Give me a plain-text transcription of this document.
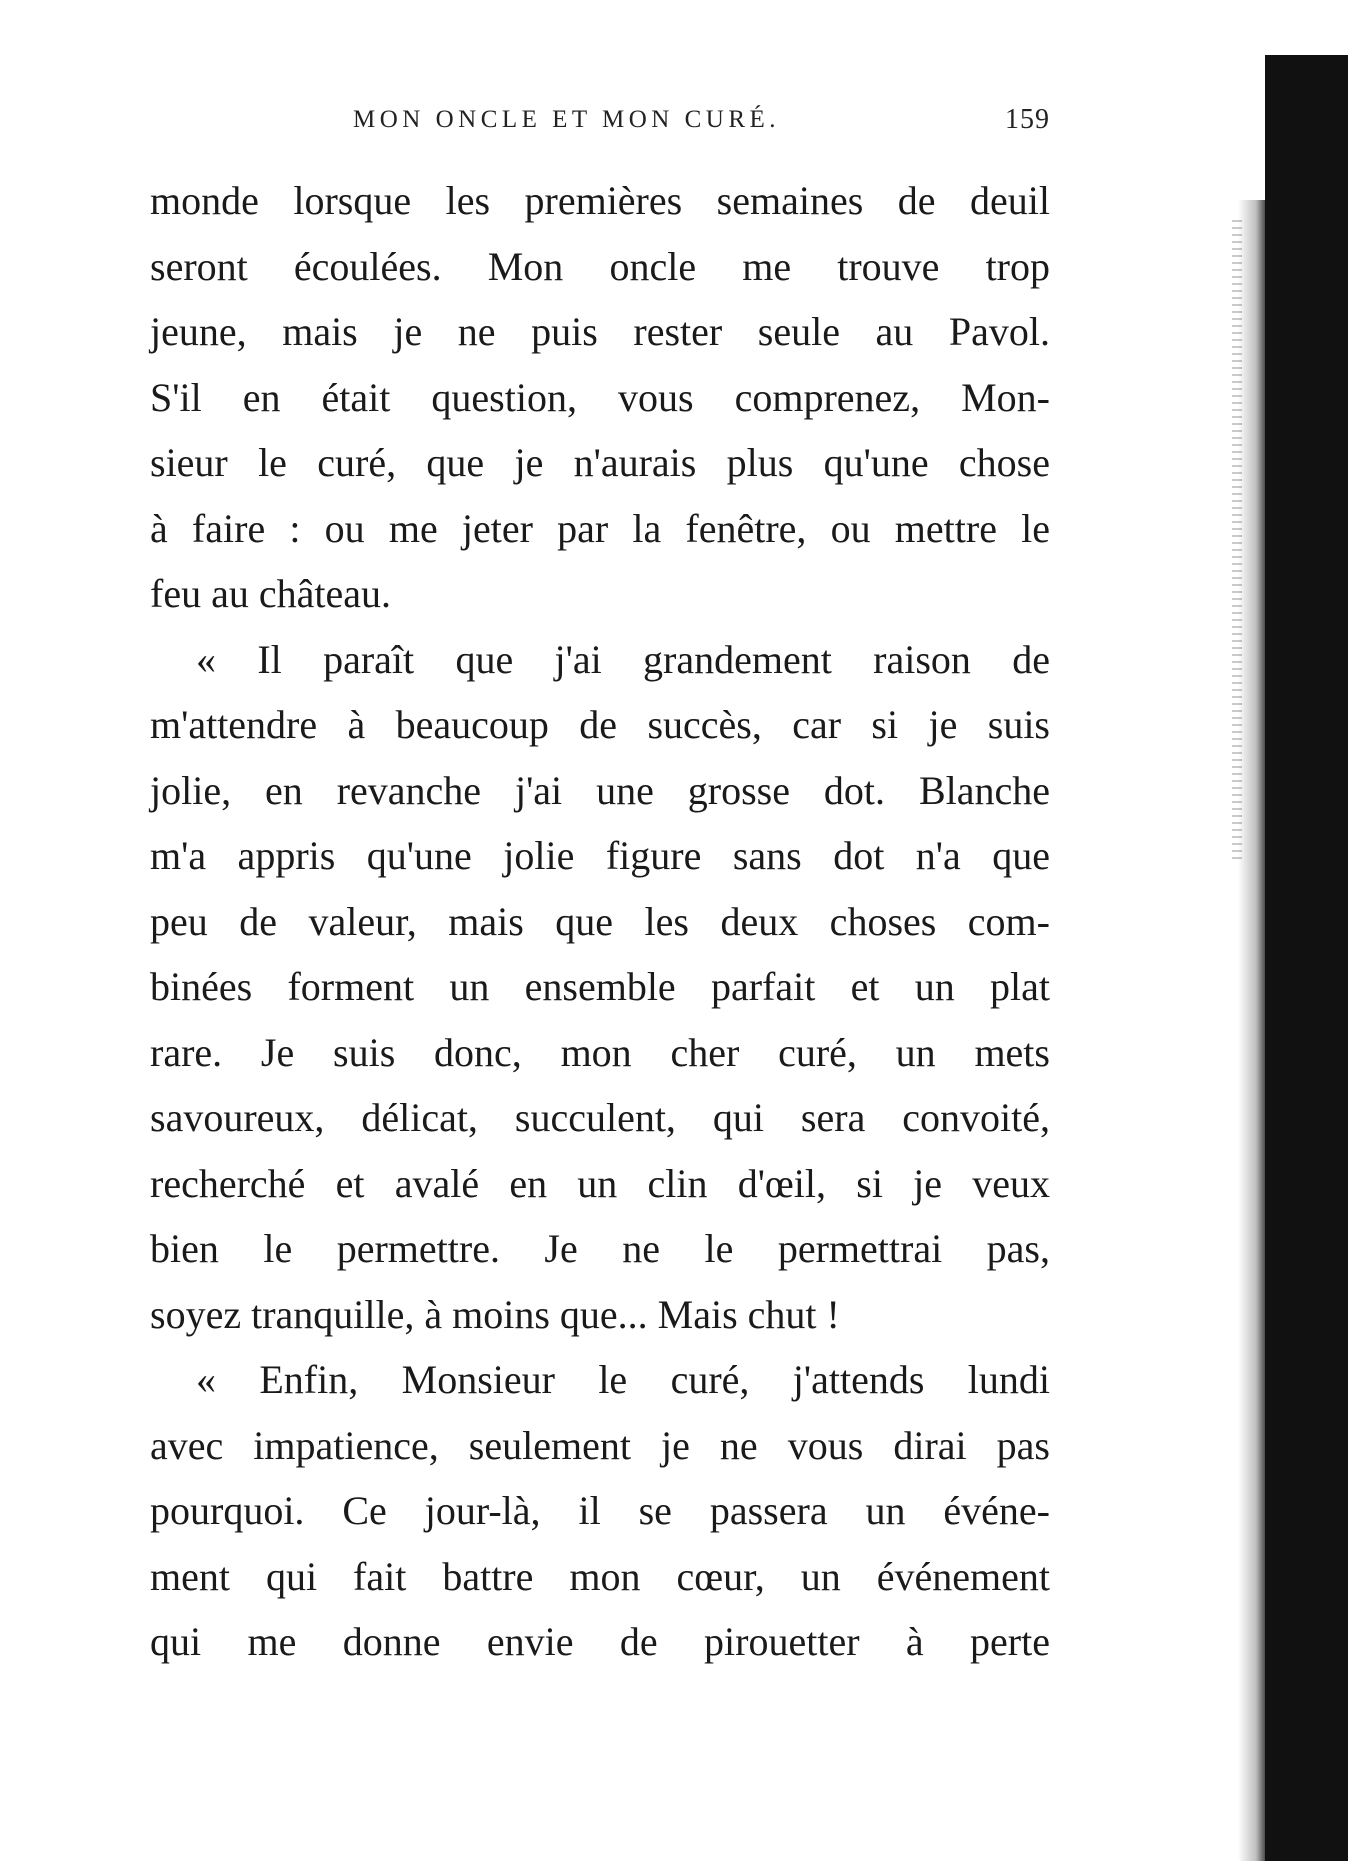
MON ONCLE ET MON CURÉ.	159
monde lorsque les premières semaines de deuil
seront écoulées. Mon oncle me trouve trop
jeune, mais je ne puis rester seule au Pavol.
S'il en était question, vous comprenez, Mon-
sieur le curé, que je n'aurais plus qu'une chose
à faire : ou me jeter par la fenêtre, ou mettre le
feu au château.
« Il paraît que j'ai grandement raison de
m'attendre à beaucoup de succès, car si je suis
jolie, en revanche j'ai une grosse dot. Blanche
m'a appris qu'une jolie figure sans dot n'a que
peu de valeur, mais que les deux choses com-
binées forment un ensemble parfait et un plat
rare. Je suis donc, mon cher curé, un mets
savoureux, délicat, succulent, qui sera convoité,
recherché et avalé en un clin d'œil, si je veux
bien le permettre. Je ne le permettrai pas,
soyez tranquille, à moins que... Mais chut !
« Enfin, Monsieur le curé, j'attends lundi
avec impatience, seulement je ne vous dirai pas
pourquoi. Ce jour-là, il se passera un événe-
ment qui fait battre mon cœur, un événement
qui me donne envie de pirouetter à perte
